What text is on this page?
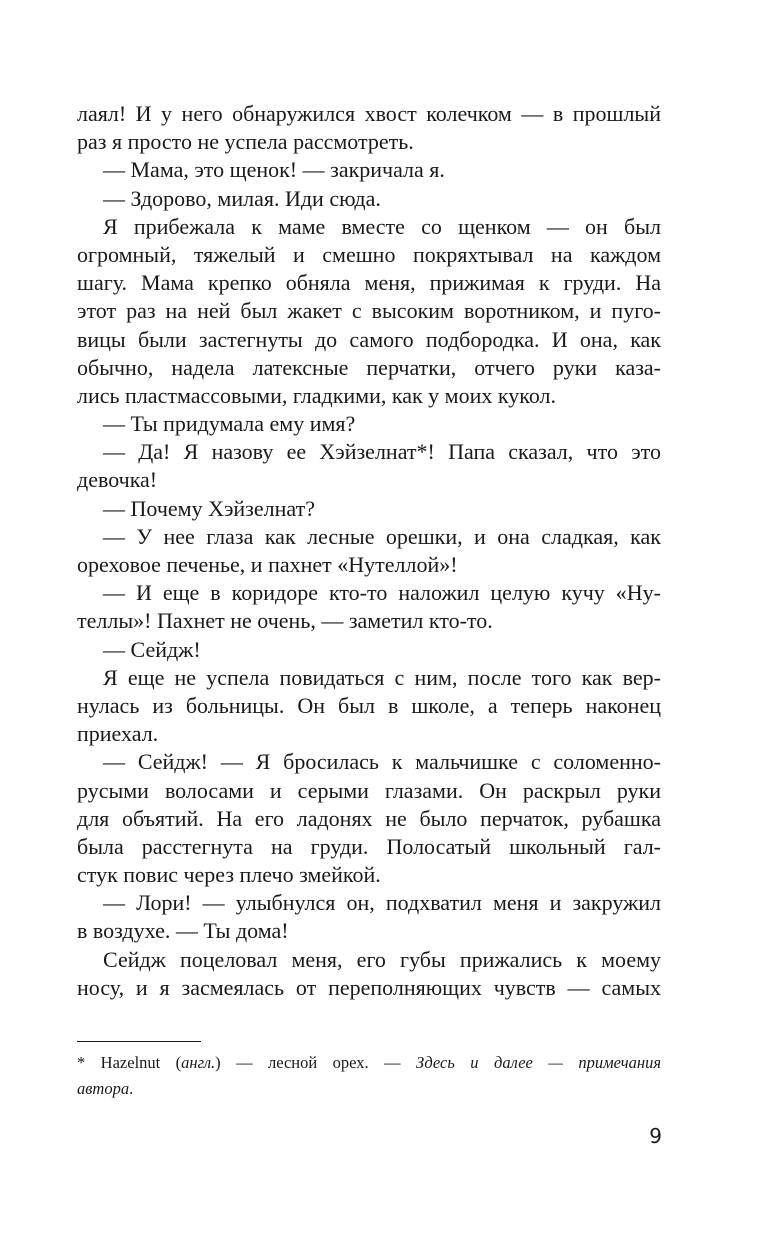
лаял! И у него обнаружился хвост колечком — в прошлый
раз я просто не успела рассмотреть.
— Мама, это щенок! — закричала я.
— Здорово, милая. Иди сюда.
Я прибежала к маме вместе со щенком — он был
огромный, тяжелый и смешно покряхтывал на каждом
шагу. Мама крепко обняла меня, прижимая к груди. На
этот раз на ней был жакет с высоким воротником, и пуго-
вицы были застегнуты до самого подбородка. И она, как
обычно, надела латексные перчатки, отчего руки каза-
лись пластмассовыми, гладкими, как у моих кукол.
— Ты придумала ему имя?
— Да! Я назову ее Хэйзелнат*! Папа сказал, что это
девочка!
— Почему Хэйзелнат?
— У нее глаза как лесные орешки, и она сладкая, как
ореховое печенье, и пахнет «Нутеллой»!
— И еще в коридоре кто-то наложил целую кучу «Ну-
теллы»! Пахнет не очень, — заметил кто-то.
— Сейдж!
Я еще не успела повидаться с ним, после того как вер-
нулась из больницы. Он был в школе, а теперь наконец
приехал.
— Сейдж! — Я бросилась к мальчишке с соломенно-
русыми волосами и серыми глазами. Он раскрыл руки
для объятий. На его ладонях не было перчаток, рубашка
была расстегнута на груди. Полосатый школьный гал-
стук повис через плечо змейкой.
— Лори! — улыбнулся он, подхватил меня и закружил
в воздухе. — Ты дома!
Сейдж поцеловал меня, его губы прижались к моему
носу, и я засмеялась от переполняющих чувств — самых
* Hazelnut (англ.) — лесной орех. — Здесь и далее — примечания
автора.
9
